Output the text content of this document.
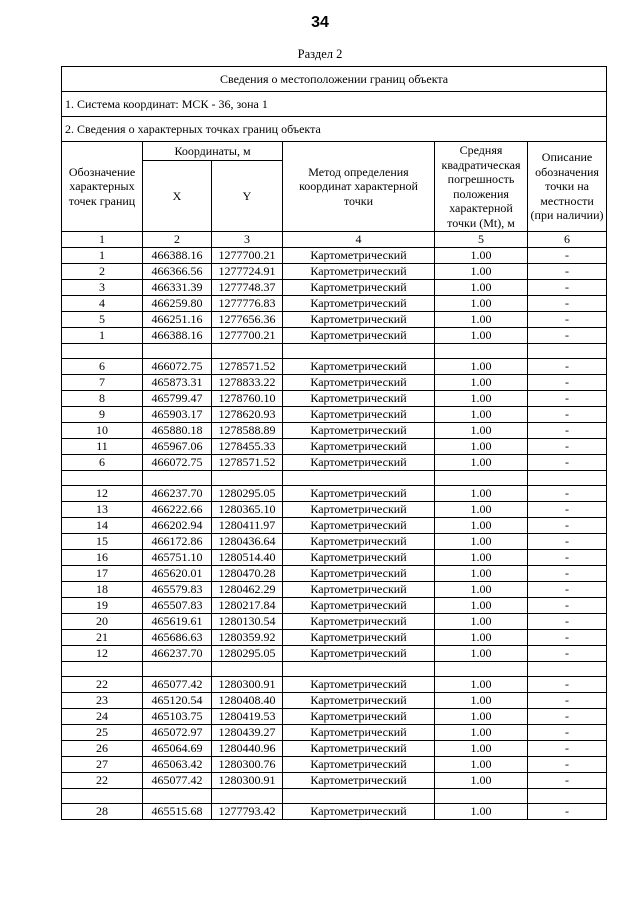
34
Раздел 2
Сведения о местоположении границ объекта					
1. Система координат: МСК - 36, зона 1					
2. Сведения о характерных точках границ объекта					
Обозначение характерных точек границ	Координаты, м		Метод определения координат характерной точки	Средняя квадратическая погрешность положения характерной точки (Mt), м	Описание обозначения точки на местности (при наличии)
	X	Y			
1	2	3	4	5	6
1	466388.16	1277700.21	Картометрический	1.00	-
2	466366.56	1277724.91	Картометрический	1.00	-
3	466331.39	1277748.37	Картометрический	1.00	-
4	466259.80	1277776.83	Картометрический	1.00	-
5	466251.16	1277656.36	Картометрический	1.00	-
1	466388.16	1277700.21	Картометрический	1.00	-

6	466072.75	1278571.52	Картометрический	1.00	-
7	465873.31	1278833.22	Картометрический	1.00	-
8	465799.47	1278760.10	Картометрический	1.00	-
9	465903.17	1278620.93	Картометрический	1.00	-
10	465880.18	1278588.89	Картометрический	1.00	-
11	465967.06	1278455.33	Картометрический	1.00	-
6	466072.75	1278571.52	Картометрический	1.00	-

12	466237.70	1280295.05	Картометрический	1.00	-
13	466222.66	1280365.10	Картометрический	1.00	-
14	466202.94	1280411.97	Картометрический	1.00	-
15	466172.86	1280436.64	Картометрический	1.00	-
16	465751.10	1280514.40	Картометрический	1.00	-
17	465620.01	1280470.28	Картометрический	1.00	-
18	465579.83	1280462.29	Картометрический	1.00	-
19	465507.83	1280217.84	Картометрический	1.00	-
20	465619.61	1280130.54	Картометрический	1.00	-
21	465686.63	1280359.92	Картометрический	1.00	-
12	466237.70	1280295.05	Картометрический	1.00	-

22	465077.42	1280300.91	Картометрический	1.00	-
23	465120.54	1280408.40	Картометрический	1.00	-
24	465103.75	1280419.53	Картометрический	1.00	-
25	465072.97	1280439.27	Картометрический	1.00	-
26	465064.69	1280440.96	Картометрический	1.00	-
27	465063.42	1280300.76	Картометрический	1.00	-
22	465077.42	1280300.91	Картометрический	1.00	-

28	465515.68	1277793.42	Картометрический	1.00	-
